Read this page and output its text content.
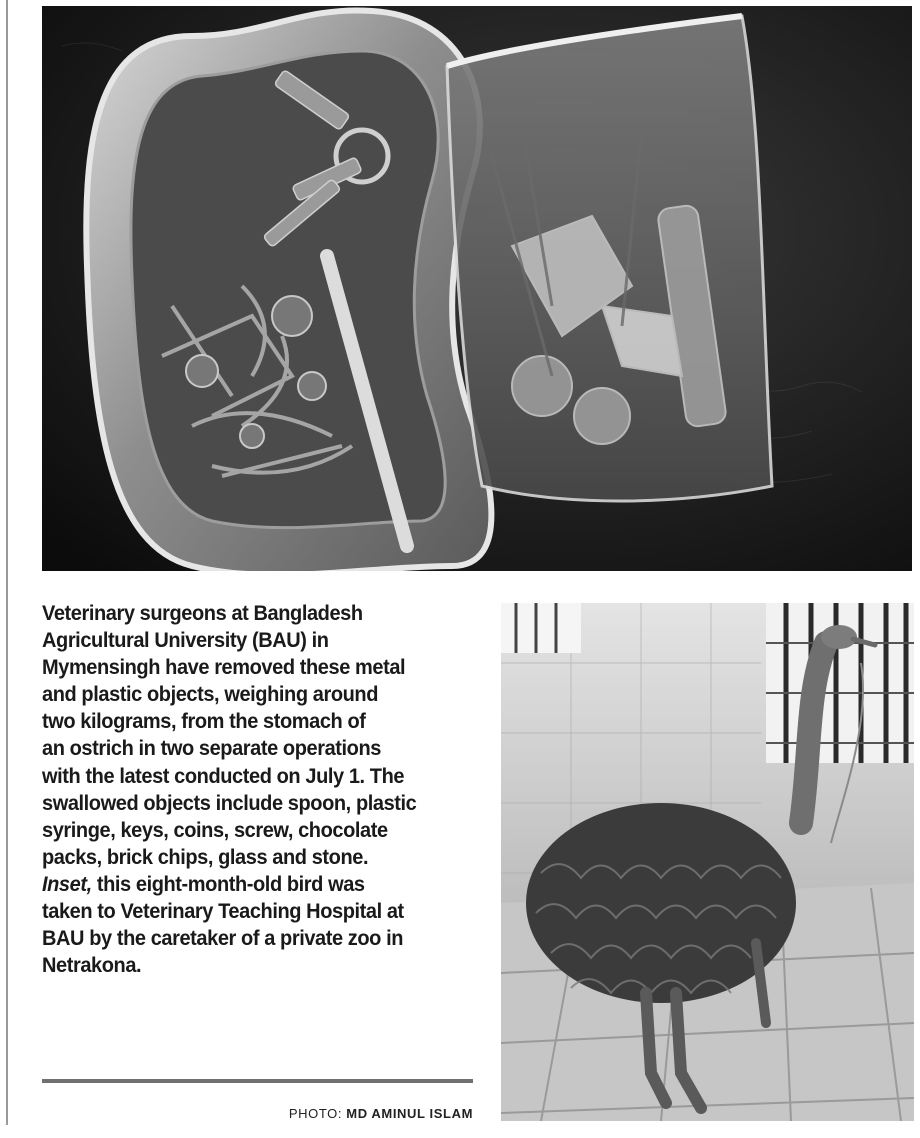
Veterinary surgeons at Bangladesh
Agricultural University (BAU) in
Mymensingh have removed these metal
and plastic objects, weighing around
two kilograms, from the stomach of
an ostrich in two separate operations
with the latest conducted on July 1. The
swallowed objects include spoon, plastic
syringe, keys, coins, screw, chocolate
packs, brick chips, glass and stone.
Inset, this eight-month-old bird was
taken to Veterinary Teaching Hospital at
BAU by the caretaker of a private zoo in
Netrakona.
PHOTO: MD AMINUL ISLAM
